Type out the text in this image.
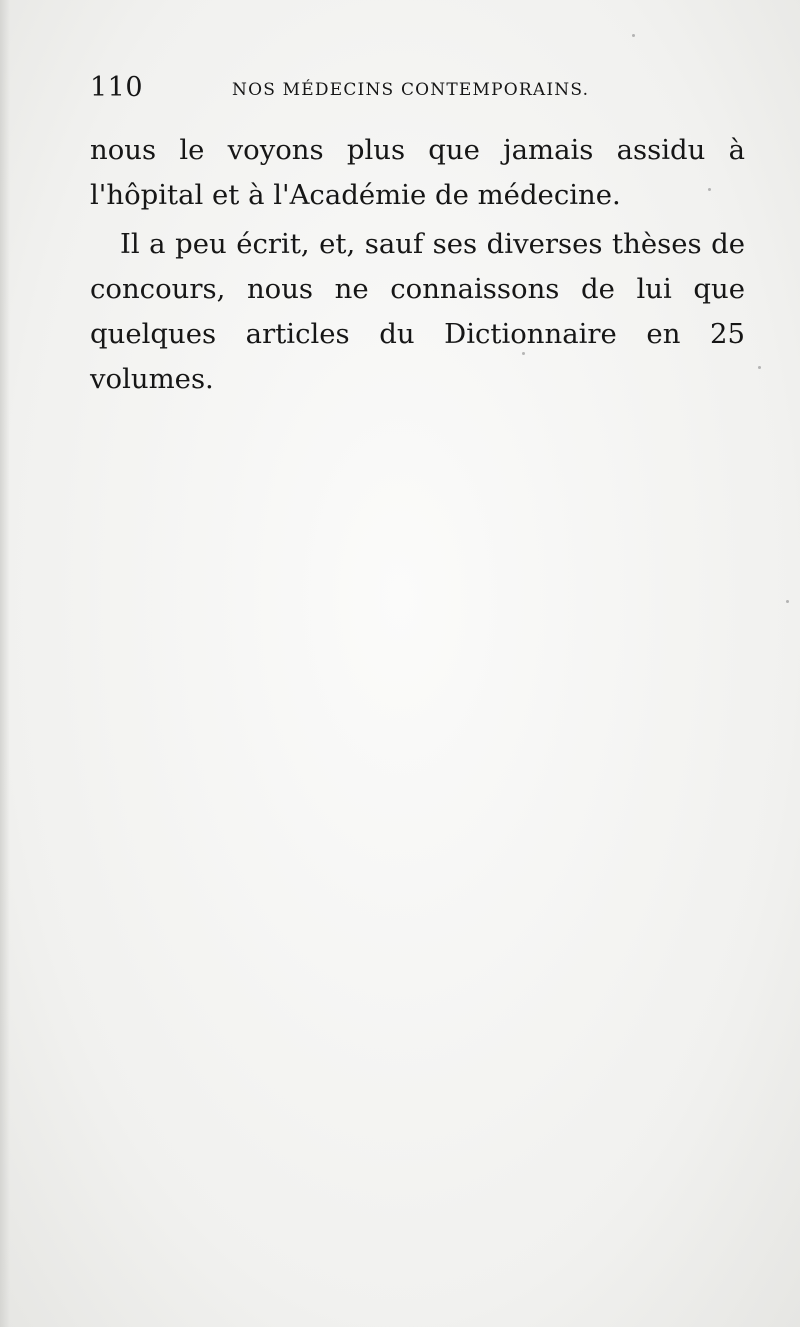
110	NOS MÉDECINS CONTEMPORAINS.

nous le voyons plus que jamais assidu à l'hôpital et à l'Académie de médecine.

Il a peu écrit, et, sauf ses diverses thèses de concours, nous ne connaissons de lui que quelques articles du Dictionnaire en 25 volumes.
